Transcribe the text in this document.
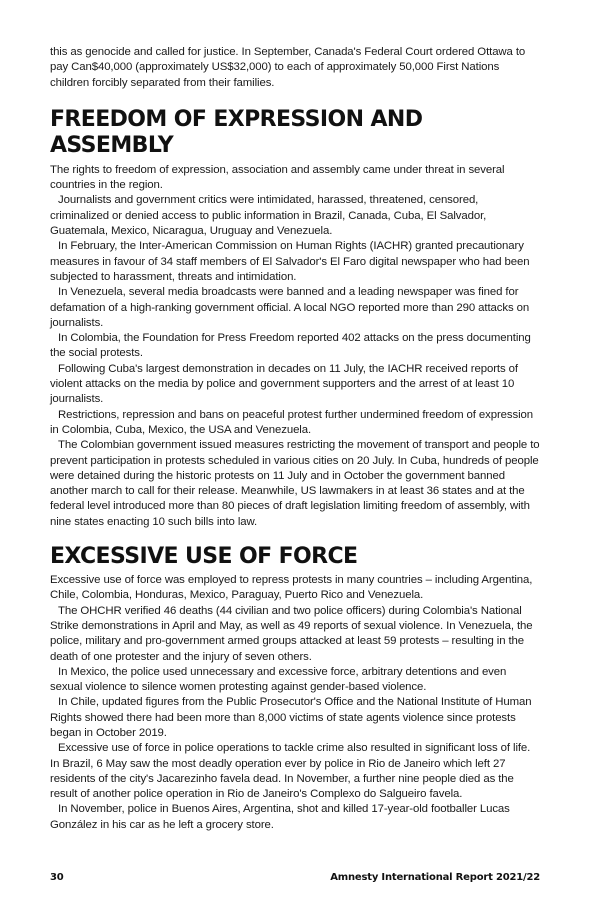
this as genocide and called for justice. In September, Canada's Federal Court ordered Ottawa to pay Can$40,000 (approximately US$32,000) to each of approximately 50,000 First Nations children forcibly separated from their families.

FREEDOM OF EXPRESSION AND ASSEMBLY

The rights to freedom of expression, association and assembly came under threat in several countries in the region.

Journalists and government critics were intimidated, harassed, threatened, censored, criminalized or denied access to public information in Brazil, Canada, Cuba, El Salvador, Guatemala, Mexico, Nicaragua, Uruguay and Venezuela.

In February, the Inter-American Commission on Human Rights (IACHR) granted precautionary measures in favour of 34 staff members of El Salvador's El Faro digital newspaper who had been subjected to harassment, threats and intimidation.

In Venezuela, several media broadcasts were banned and a leading newspaper was fined for defamation of a high-ranking government official. A local NGO reported more than 290 attacks on journalists.

In Colombia, the Foundation for Press Freedom reported 402 attacks on the press documenting the social protests.

Following Cuba's largest demonstration in decades on 11 July, the IACHR received reports of violent attacks on the media by police and government supporters and the arrest of at least 10 journalists.

Restrictions, repression and bans on peaceful protest further undermined freedom of expression in Colombia, Cuba, Mexico, the USA and Venezuela.

The Colombian government issued measures restricting the movement of transport and people to prevent participation in protests scheduled in various cities on 20 July. In Cuba, hundreds of people were detained during the historic protests on 11 July and in October the government banned another march to call for their release. Meanwhile, US lawmakers in at least 36 states and at the federal level introduced more than 80 pieces of draft legislation limiting freedom of assembly, with nine states enacting 10 such bills into law.

EXCESSIVE USE OF FORCE

Excessive use of force was employed to repress protests in many countries – including Argentina, Chile, Colombia, Honduras, Mexico, Paraguay, Puerto Rico and Venezuela.

The OHCHR verified 46 deaths (44 civilian and two police officers) during Colombia's National Strike demonstrations in April and May, as well as 49 reports of sexual violence. In Venezuela, the police, military and pro-government armed groups attacked at least 59 protests – resulting in the death of one protester and the injury of seven others.

In Mexico, the police used unnecessary and excessive force, arbitrary detentions and even sexual violence to silence women protesting against gender-based violence.

In Chile, updated figures from the Public Prosecutor's Office and the National Institute of Human Rights showed there had been more than 8,000 victims of state agents violence since protests began in October 2019.

Excessive use of force in police operations to tackle crime also resulted in significant loss of life. In Brazil, 6 May saw the most deadly operation ever by police in Rio de Janeiro which left 27 residents of the city's Jacarezinho favela dead. In November, a further nine people died as the result of another police operation in Rio de Janeiro's Complexo do Salgueiro favela.

In November, police in Buenos Aires, Argentina, shot and killed 17-year-old footballer Lucas González in his car as he left a grocery store.

30	Amnesty International Report 2021/22
